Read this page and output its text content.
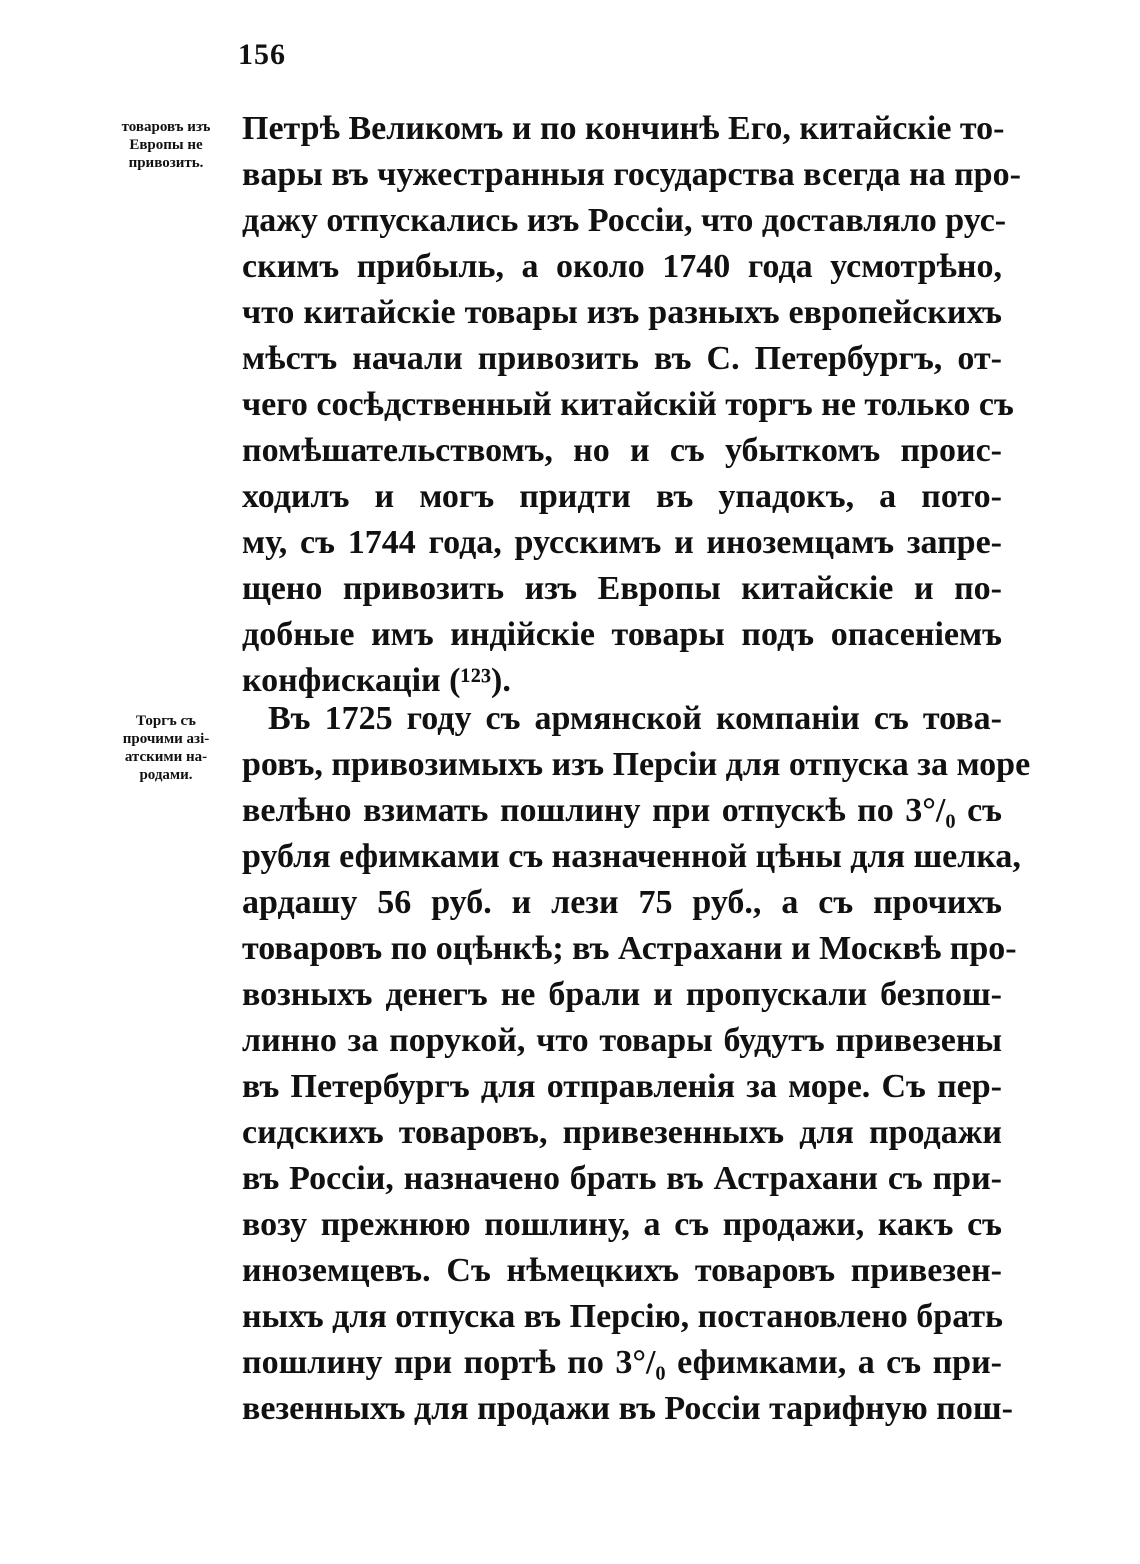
156
товаровъ изъ
Европы не
привозить.
Торгъ съ
прочими азі-
атскими на-
родами.
Петрѣ Великомъ и по кончинѣ Его, китайскіе то-
вары въ чужестранныя государства всегда на про-
дажу отпускались изъ Россіи, что доставляло рус-
скимъ прибыль, а около 1740 года усмотрѣно,
что китайскіе товары изъ разныхъ европейскихъ
мѣстъ начали привозить въ С. Петербургъ, от-
чего сосѣдственный китайскій торгъ не только съ
помѣшательствомъ, но и съ убыткомъ проис-
ходилъ и могъ придти въ упадокъ, а пото-
му, съ 1744 года, русскимъ и иноземцамъ запре-
щено привозить изъ Европы китайскіе и по-
добные имъ индійскіе товары подъ опасеніемъ
конфискаціи (¹²³).
Въ 1725 году съ армянской компаніи съ това-
ровъ, привозимыхъ изъ Персіи для отпуска за море
велѣно взимать пошлину при отпускѣ по 3°/₀ съ
рубля ефимками съ назначенной цѣны для шелка,
ардашу 56 руб. и лези 75 руб., а съ прочихъ
товаровъ по оцѣнкѣ; въ Астрахани и Москвѣ про-
возныхъ денегъ не брали и пропускали безпош-
линно за порукой, что товары будутъ привезены
въ Петербургъ для отправленія за море. Съ пер-
сидскихъ товаровъ, привезенныхъ для продажи
въ Россіи, назначено брать въ Астрахани съ при-
возу прежнюю пошлину, а съ продажи, какъ съ
иноземцевъ. Съ нѣмецкихъ товаровъ привезен-
ныхъ для отпуска въ Персію, постановлено брать
пошлину при портѣ по 3°/₀ ефимками, а съ при-
везенныхъ для продажи въ Россіи тарифную пош-
